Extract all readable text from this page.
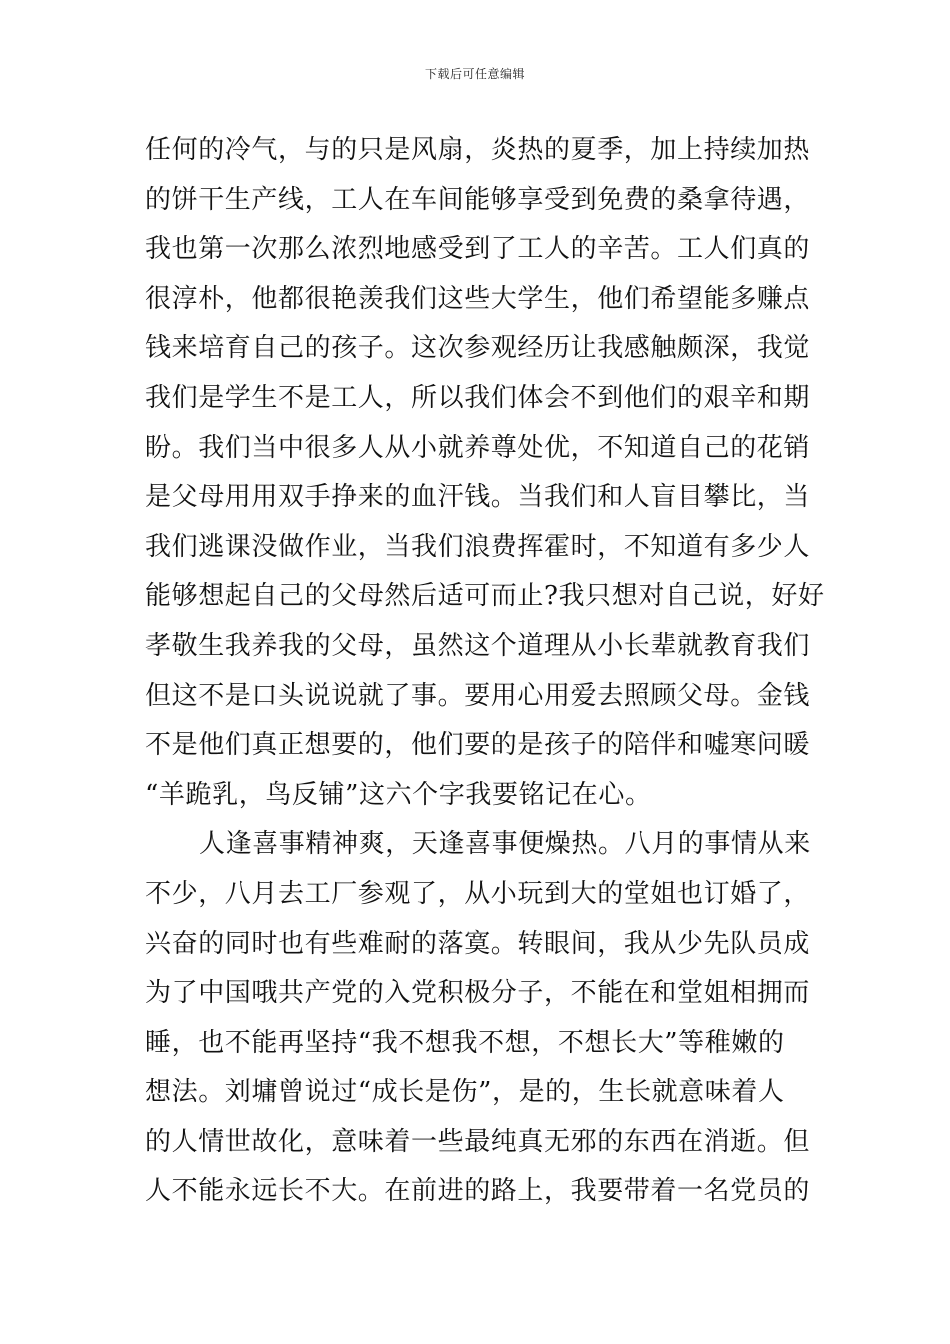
下载后可任意编辑
任何的冷气，与的只是风扇，炎热的夏季，加上持续加热
的饼干生产线，工人在车间能够享受到免费的桑拿待遇，
我也第一次那么浓烈地感受到了工人的辛苦。工人们真的
很淳朴，他都很艳羡我们这些大学生，他们希望能多赚点
钱来培育自己的孩子。这次参观经历让我感触颇深，我觉
我们是学生不是工人，所以我们体会不到他们的艰辛和期
盼。我们当中很多人从小就养尊处优，不知道自己的花销
是父母用用双手挣来的血汗钱。当我们和人盲目攀比，当
我们逃课没做作业，当我们浪费挥霍时，不知道有多少人
能够想起自己的父母然后适可而止?我只想对自己说，好好
孝敬生我养我的父母，虽然这个道理从小长辈就教育我们
但这不是口头说说就了事。要用心用爱去照顾父母。金钱
不是他们真正想要的，他们要的是孩子的陪伴和嘘寒问暖
“羊跪乳，鸟反铺”这六个字我要铭记在心。
人逢喜事精神爽，天逢喜事便燥热。八月的事情从来
不少，八月去工厂参观了，从小玩到大的堂姐也订婚了，
兴奋的同时也有些难耐的落寞。转眼间，我从少先队员成
为了中国哦共产党的入党积极分子，不能在和堂姐相拥而
睡，也不能再坚持“我不想我不想，不想长大”等稚嫩的
想法。刘墉曾说过“成长是伤”，是的，生长就意味着人
的人情世故化，意味着一些最纯真无邪的东西在消逝。但
人不能永远长不大。在前进的路上，我要带着一名党员的
